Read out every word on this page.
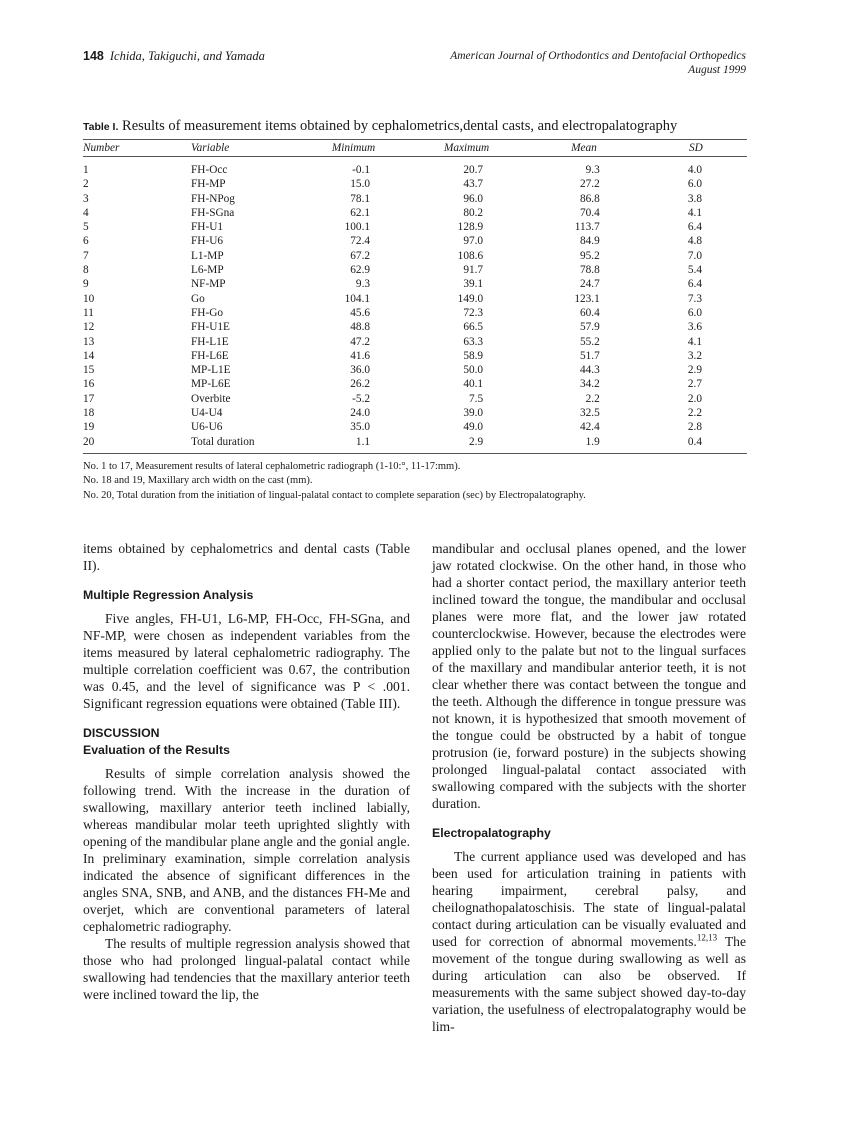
148 Ichida, Takiguchi, and Yamada	American Journal of Orthodontics and Dentofacial Orthopedics
August 1999
Table I. Results of measurement items obtained by cephalometrics,dental casts, and electropalatography
Number	Variable	Minimum	Maximum	Mean	SD
1	FH-Occ	-0.1	20.7	9.3	4.0
2	FH-MP	15.0	43.7	27.2	6.0
3	FH-NPog	78.1	96.0	86.8	3.8
4	FH-SGna	62.1	80.2	70.4	4.1
5	FH-U1	100.1	128.9	113.7	6.4
6	FH-U6	72.4	97.0	84.9	4.8
7	L1-MP	67.2	108.6	95.2	7.0
8	L6-MP	62.9	91.7	78.8	5.4
9	NF-MP	9.3	39.1	24.7	6.4
10	Go	104.1	149.0	123.1	7.3
11	FH-Go	45.6	72.3	60.4	6.0
12	FH-U1E	48.8	66.5	57.9	3.6
13	FH-L1E	47.2	63.3	55.2	4.1
14	FH-L6E	41.6	58.9	51.7	3.2
15	MP-L1E	36.0	50.0	44.3	2.9
16	MP-L6E	26.2	40.1	34.2	2.7
17	Overbite	-5.2	7.5	2.2	2.0
18	U4-U4	24.0	39.0	32.5	2.2
19	U6-U6	35.0	49.0	42.4	2.8
20	Total duration	1.1	2.9	1.9	0.4
No. 1 to 17, Measurement results of lateral cephalometric radiograph (1-10:°, 11-17:mm).
No. 18 and 19, Maxillary arch width on the cast (mm).
No. 20, Total duration from the initiation of lingual-palatal contact to complete separation (sec) by Electropalatography.

items obtained by cephalometrics and dental casts (Table II).

Multiple Regression Analysis

Five angles, FH-U1, L6-MP, FH-Occ, FH-SGna, and NF-MP, were chosen as independent variables from the items measured by lateral cephalometric radiography. The multiple correlation coefficient was 0.67, the contribution was 0.45, and the level of significance was P < .001. Significant regression equations were obtained (Table III).

DISCUSSION
Evaluation of the Results

Results of simple correlation analysis showed the following trend. With the increase in the duration of swallowing, maxillary anterior teeth inclined labially, whereas mandibular molar teeth uprighted slightly with opening of the mandibular plane angle and the gonial angle. In preliminary examination, simple correlation analysis indicated the absence of significant differences in the angles SNA, SNB, and ANB, and the distances FH-Me and overjet, which are conventional parameters of lateral cephalometric radiography.

The results of multiple regression analysis showed that those who had prolonged lingual-palatal contact while swallowing had tendencies that the maxillary anterior teeth were inclined toward the lip, the

mandibular and occlusal planes opened, and the lower jaw rotated clockwise. On the other hand, in those who had a shorter contact period, the maxillary anterior teeth inclined toward the tongue, the mandibular and occlusal planes were more flat, and the lower jaw rotated counterclockwise. However, because the electrodes were applied only to the palate but not to the lingual surfaces of the maxillary and mandibular anterior teeth, it is not clear whether there was contact between the tongue and the teeth. Although the difference in tongue pressure was not known, it is hypothesized that smooth movement of the tongue could be obstructed by a habit of tongue protrusion (ie, forward posture) in the subjects showing prolonged lingual-palatal contact associated with swallowing compared with the subjects with the shorter duration.

Electropalatography

The current appliance used was developed and has been used for articulation training in patients with hearing impairment, cerebral palsy, and cheilognathopalatoschisis. The state of lingual-palatal contact during articulation can be visually evaluated and used for correction of abnormal movements.$^{12,13}$ The movement of the tongue during swallowing as well as during articulation can also be observed. If measurements with the same subject showed day-to-day variation, the usefulness of electropalatography would be lim-
